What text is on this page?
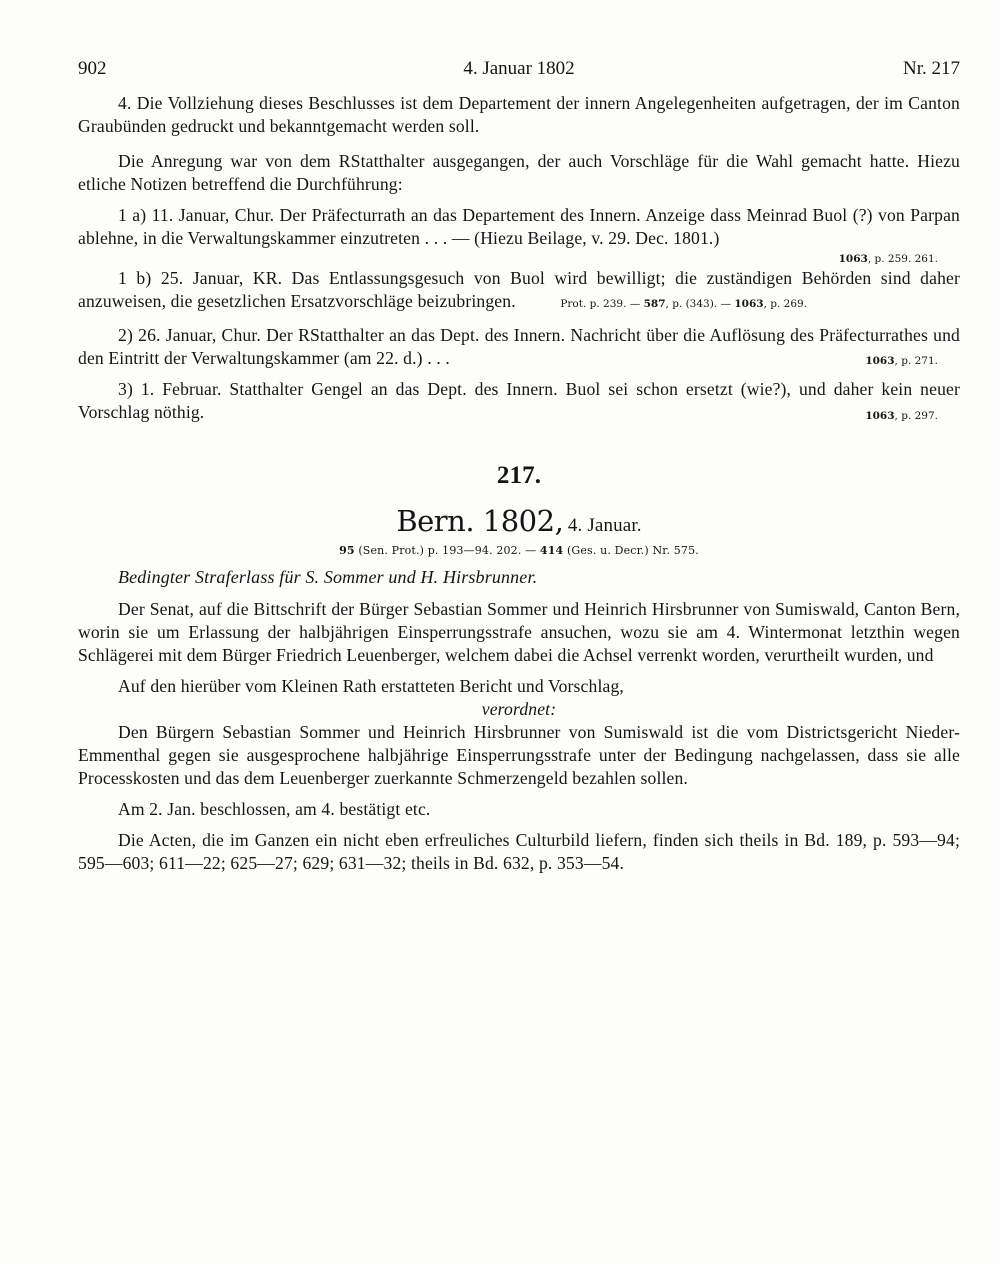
902	4. Januar 1802	Nr. 217

4. Die Vollziehung dieses Beschlusses ist dem Departement der innern Angelegenheiten aufgetragen, der im Canton Graubünden gedruckt und bekanntgemacht werden soll.

Die Anregung war von dem RStatthalter ausgegangen, der auch Vorschläge für die Wahl gemacht hatte. Hiezu etliche Notizen betreffend die Durchführung:

1 a) 11. Januar, Chur. Der Präfecturrath an das Departement des Innern. Anzeige dass Meinrad Buol (?) von Parpan ablehne, in die Verwaltungskammer einzutreten . . . — (Hiezu Beilage, v. 29. Dec. 1801.)

1063, p. 259. 261.

1 b) 25. Januar, KR. Das Entlassungsgesuch von Buol wird bewilligt; die zuständigen Behörden sind daher anzuweisen, die gesetzlichen Ersatzvorschläge beizubringen.	Prot. p. 239. — 587, p. (343). — 1063, p. 269.

2) 26. Januar, Chur. Der RStatthalter an das Dept. des Innern. Nachricht über die Auflösung des Präfecturrathes und den Eintritt der Verwaltungskammer (am 22. d.) . . .	1063, p. 271.

3) 1. Februar. Statthalter Gengel an das Dept. des Innern. Buol sei schon ersetzt (wie?), und daher kein neuer Vorschlag nöthig.	1063, p. 297.
217.
Bern. 1802, 4. Januar.
95 (Sen. Prot.) p. 193—94. 202. — 414 (Ges. u. Decr.) Nr. 575.
Bedingter Straferlass für S. Sommer und H. Hirsbrunner.

Der Senat, auf die Bittschrift der Bürger Sebastian Sommer und Heinrich Hirsbrunner von Sumiswald, Canton Bern, worin sie um Erlassung der halbjährigen Einsperrungsstrafe ansuchen, wozu sie am 4. Wintermonat letzthin wegen Schlägerei mit dem Bürger Friedrich Leuenberger, welchem dabei die Achsel verrenkt worden, verurtheilt wurden, und

Auf den hierüber vom Kleinen Rath erstatteten Bericht und Vorschlag,

verordnet:

Den Bürgern Sebastian Sommer und Heinrich Hirsbrunner von Sumiswald ist die vom Districtsgericht Nieder-Emmenthal gegen sie ausgesprochene halbjährige Einsperrungsstrafe unter der Bedingung nachgelassen, dass sie alle Processkosten und das dem Leuenberger zuerkannte Schmerzengeld bezahlen sollen.

Am 2. Jan. beschlossen, am 4. bestätigt etc.

Die Acten, die im Ganzen ein nicht eben erfreuliches Culturbild liefern, finden sich theils in Bd. 189, p. 593—94; 595—603; 611—22; 625—27; 629; 631—32; theils in Bd. 632, p. 353—54.
